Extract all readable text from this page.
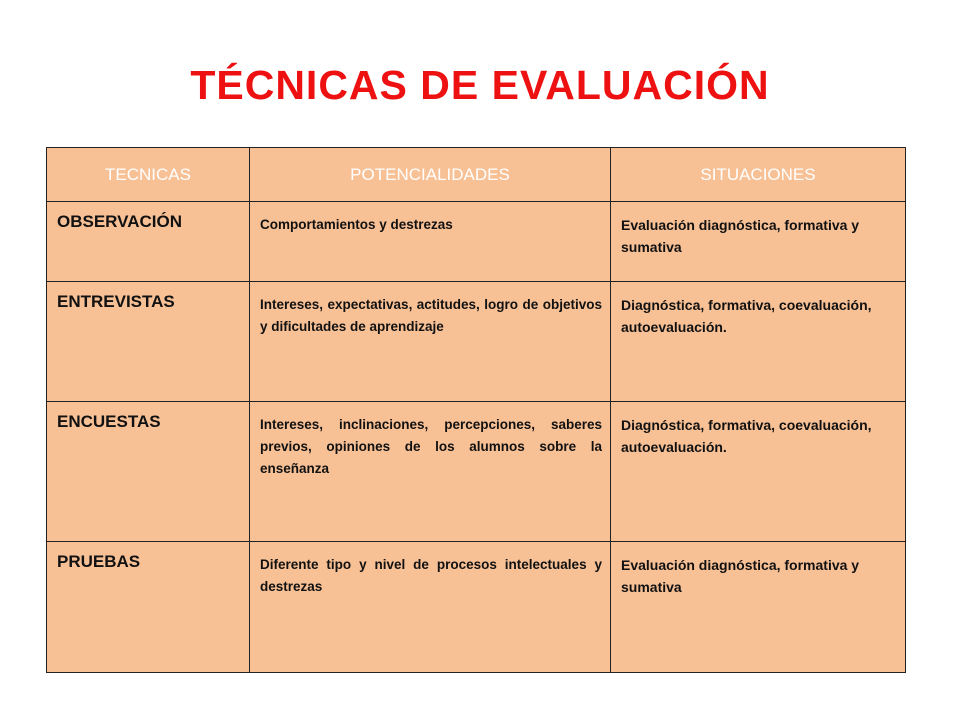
TÉCNICAS DE EVALUACIÓN
TECNICAS	POTENCIALIDADES	SITUACIONES
OBSERVACIÓN	Comportamientos y destrezas	Evaluación diagnóstica, formativa y sumativa
ENTREVISTAS	Intereses, expectativas, actitudes, logro de objetivos y dificultades de aprendizaje	Diagnóstica, formativa, coevaluación, autoevaluación.
ENCUESTAS	Intereses, inclinaciones, percepciones, saberes previos, opiniones de los alumnos sobre la enseñanza	Diagnóstica, formativa, coevaluación, autoevaluación.
PRUEBAS	Diferente tipo y nivel de procesos intelectuales y destrezas	Evaluación diagnóstica, formativa y sumativa
